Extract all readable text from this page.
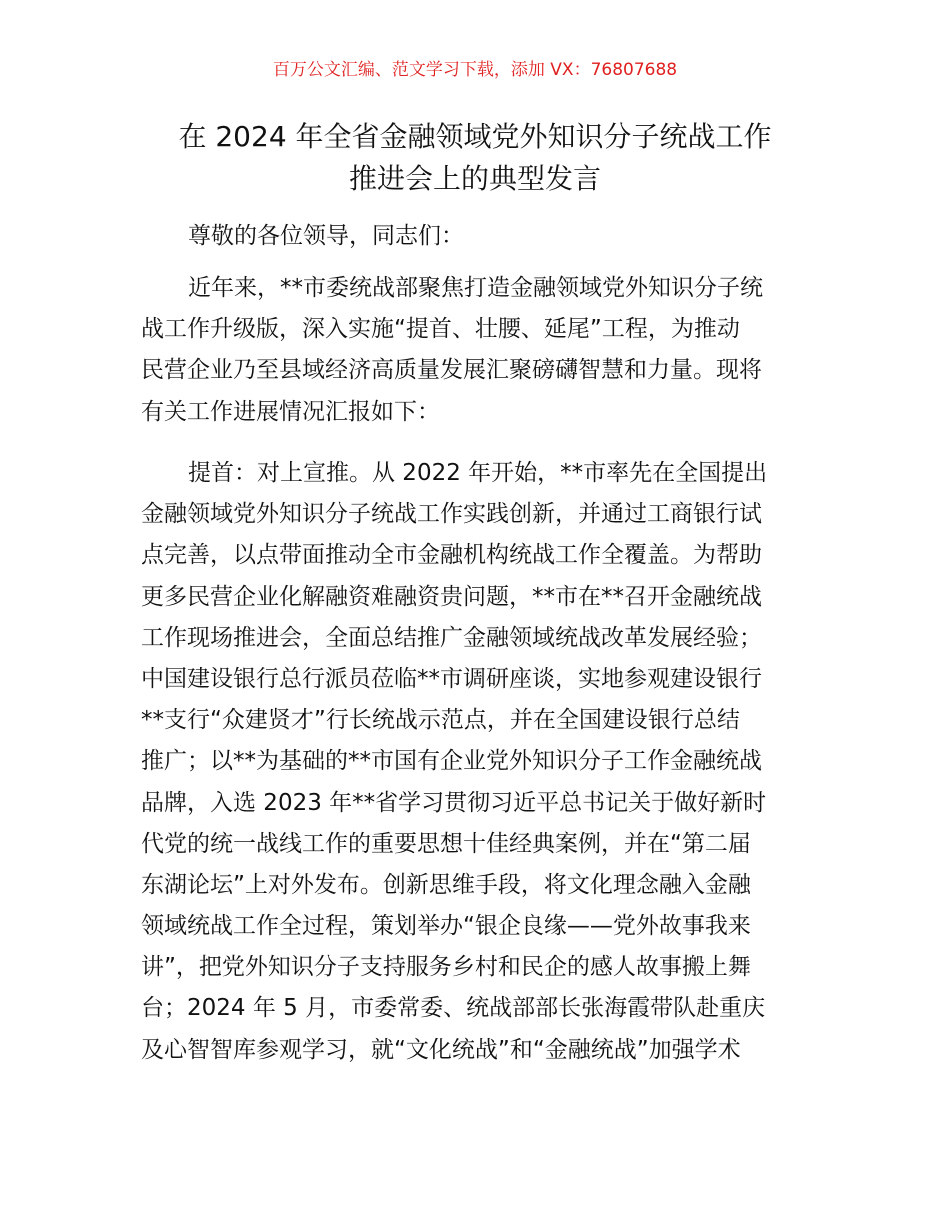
百万公文汇编、范文学习下载，添加 VX：76807688
在 2024 年全省金融领域党外知识分子统战工作
推进会上的典型发言
尊敬的各位领导，同志们：
近年来，**市委统战部聚焦打造金融领域党外知识分子统
战工作升级版，深入实施“提首、壮腰、延尾”工程，为推动
民营企业乃至县域经济高质量发展汇聚磅礴智慧和力量。现将
有关工作进展情况汇报如下：
提首：对上宣推。从 2022 年开始，**市率先在全国提出
金融领域党外知识分子统战工作实践创新，并通过工商银行试
点完善，以点带面推动全市金融机构统战工作全覆盖。为帮助
更多民营企业化解融资难融资贵问题，**市在**召开金融统战
工作现场推进会，全面总结推广金融领域统战改革发展经验；
中国建设银行总行派员莅临**市调研座谈，实地参观建设银行
**支行“众建贤才”行长统战示范点，并在全国建设银行总结
推广；以**为基础的**市国有企业党外知识分子工作金融统战
品牌，入选 2023 年**省学习贯彻习近平总书记关于做好新时
代党的统一战线工作的重要思想十佳经典案例，并在“第二届
东湖论坛”上对外发布。创新思维手段，将文化理念融入金融
领域统战工作全过程，策划举办“银企良缘——党外故事我来
讲”，把党外知识分子支持服务乡村和民企的感人故事搬上舞
台；2024 年 5 月，市委常委、统战部部长张海霞带队赴重庆
及心智智库参观学习，就“文化统战”和“金融统战”加强学术
